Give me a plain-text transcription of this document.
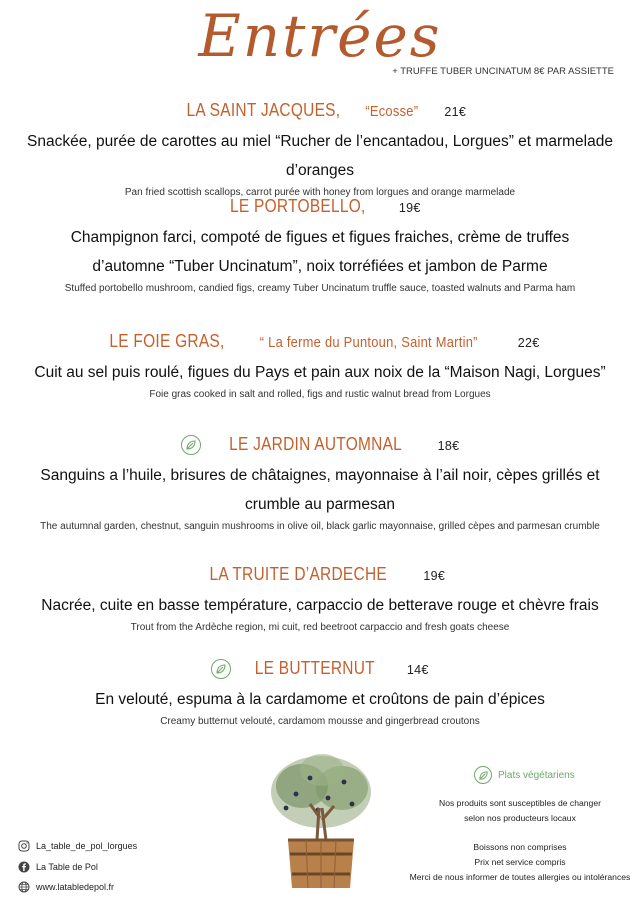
Entrées
+ TRUFFE TUBER UNCINATUM 8€ PAR ASSIETTE
LA SAINT JACQUES, “Ecosse” 21€
Snackée, purée de carottes au miel “Rucher de l’encantadou, Lorgues” et marmelade d’oranges
Pan fried scottish scallops, carrot purée with honey from lorgues and orange marmelade
LE PORTOBELLO,	19€
Champignon farci, compoté de figues et figues fraiches, crème de truffes d’automne “Tuber Uncinatum”, noix torréfiées et jambon de Parme
Stuffed portobello mushroom, candied figs, creamy Tuber Uncinatum truffle sauce, toasted walnuts and Parma ham
LE FOIE GRAS, “ La ferme du Puntoun, Saint Martin”	22€
Cuit au sel puis roulé, figues du Pays et pain aux noix de la “Maison Nagi, Lorgues”
Foie gras cooked in salt and rolled, figs and rustic walnut bread from Lorgues
LE JARDIN AUTOMNAL	18€
Sanguins a l’huile, brisures de châtaignes, mayonnaise à l’ail noir, cèpes grillés et crumble au parmesan
The autumnal garden, chestnut, sanguin mushrooms in olive oil, black garlic mayonnaise, grilled cèpes and parmesan crumble
LA TRUITE D’ARDECHE	19€
Nacrée, cuite en basse température, carpaccio de betterave rouge et chèvre frais
Trout from the Ardèche region, mi cuit, red beetroot carpaccio and fresh goats cheese
LE BUTTERNUT	14€
En velouté, espuma à la cardamome et croûtons de pain d’épices
Creamy butternut velouté, cardamom mousse and gingerbread croutons
Plats végétariens
Nos produits sont susceptibles de changer
selon nos producteurs locaux
Boissons non comprises
Prix net service compris
Merci de nous informer de toutes allergies ou intolérances
La_table_de_pol_lorgues
La Table de Pol
www.latabledepol.fr
